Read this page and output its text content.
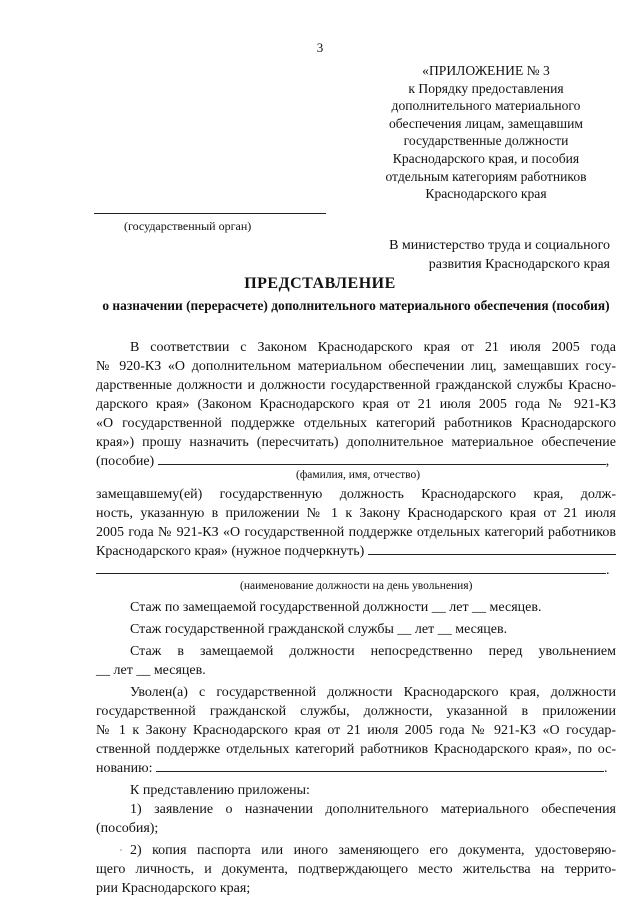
3
«ПРИЛОЖЕНИЕ № 3
к Порядку предоставления
дополнительного материального
обеспечения лицам, замещавшим
государственные должности
Краснодарского края, и пособия
отдельным категориям работников
Краснодарского края
(государственный орган)
В министерство труда и социального
развития Краснодарского края
ПРЕДСТАВЛЕНИЕ
о назначении (перерасчете) дополнительного материального обеспечения (пособия)
В соответствии с Законом Краснодарского края от 21 июля 2005 года
№ 920-КЗ «О дополнительном материальном обеспечении лиц, замещавших госу-
дарственные должности и должности государственной гражданской службы Красно-
дарского края» (Законом Краснодарского края от 21 июля 2005 года № 921-КЗ
«О государственной поддержке отдельных категорий работников Краснодарского
края») прошу назначить (пересчитать) дополнительное материальное обеспечение
(пособие)	,
(фамилия, имя, отчество)
замещавшему(ей) государственную должность Краснодарского края, долж-
ность, указанную в приложении № 1 к Закону Краснодарского края от 21 июля
2005 года № 921-КЗ «О государственной поддержке отдельных категорий работников
Краснодарского края» (нужное подчеркнуть)
.
(наименование должности на день увольнения)
Стаж по замещаемой государственной должности __ лет __ месяцев.
Стаж государственной гражданской службы __ лет __ месяцев.
Стаж в замещаемой должности непосредственно перед увольнением
__ лет __ месяцев.
Уволен(а) с государственной должности Краснодарского края, должности
государственной гражданской службы, должности, указанной в приложении
№ 1 к Закону Краснодарского края от 21 июля 2005 года № 921-КЗ «О государ-
ственной поддержке отдельных категорий работников Краснодарского края», по ос-
нованию:	.
К представлению приложены:
1) заявление о назначении дополнительного материального обеспечения
(пособия);
2) копия паспорта или иного заменяющего его документа, удостоверяю-
щего личность, и документа, подтверждающего место жительства на террито-
рии Краснодарского края;
